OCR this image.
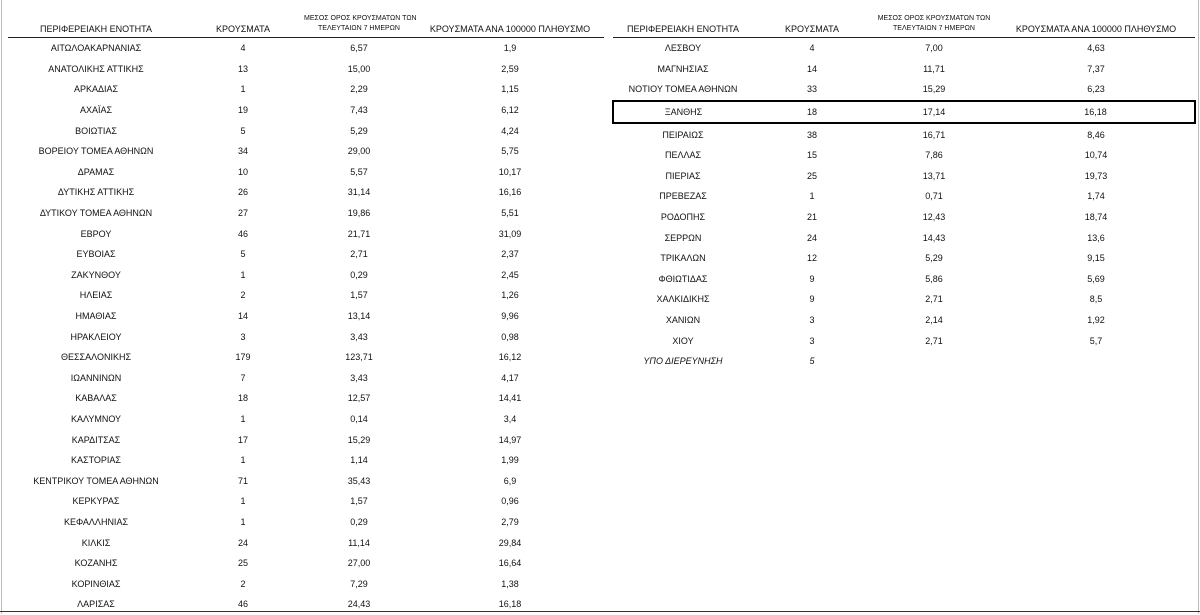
ΠΕΡΙΦΕΡΕΙΑΚΗ ΕΝΟΤΗΤΑ	ΚΡΟΥΣΜΑΤΑ	ΜΕΣΟΣ ΟΡΟΣ ΚΡΟΥΣΜΑΤΩΝ ΤΩΝ
ΤΕΛΕΥΤΑΙΩΝ 7 ΗΜΕΡΩΝ	ΚΡΟΥΣΜΑΤΑ ΑΝΑ 100000 ΠΛΗΘΥΣΜΟ
ΑΙΤΩΛΟΑΚΑΡΝΑΝΙΑΣ	4	6,57	1,9
ΑΝΑΤΟΛΙΚΗΣ ΑΤΤΙΚΗΣ	13	15,00	2,59
ΑΡΚΑΔΙΑΣ	1	2,29	1,15
ΑΧΑΪΑΣ	19	7,43	6,12
ΒΟΙΩΤΙΑΣ	5	5,29	4,24
ΒΟΡΕΙΟΥ ΤΟΜΕΑ ΑΘΗΝΩΝ	34	29,00	5,75
ΔΡΑΜΑΣ	10	5,57	10,17
ΔΥΤΙΚΗΣ ΑΤΤΙΚΗΣ	26	31,14	16,16
ΔΥΤΙΚΟΥ ΤΟΜΕΑ ΑΘΗΝΩΝ	27	19,86	5,51
ΕΒΡΟΥ	46	21,71	31,09
ΕΥΒΟΙΑΣ	5	2,71	2,37
ΖΑΚΥΝΘΟΥ	1	0,29	2,45
ΗΛΕΙΑΣ	2	1,57	1,26
ΗΜΑΘΙΑΣ	14	13,14	9,96
ΗΡΑΚΛΕΙΟΥ	3	3,43	0,98
ΘΕΣΣΑΛΟΝΙΚΗΣ	179	123,71	16,12
ΙΩΑΝΝΙΝΩΝ	7	3,43	4,17
ΚΑΒΑΛΑΣ	18	12,57	14,41
ΚΑΛΥΜΝΟΥ	1	0,14	3,4
ΚΑΡΔΙΤΣΑΣ	17	15,29	14,97
ΚΑΣΤΟΡΙΑΣ	1	1,14	1,99
ΚΕΝΤΡΙΚΟΥ ΤΟΜΕΑ ΑΘΗΝΩΝ	71	35,43	6,9
ΚΕΡΚΥΡΑΣ	1	1,57	0,96
ΚΕΦΑΛΛΗΝΙΑΣ	1	0,29	2,79
ΚΙΛΚΙΣ	24	11,14	29,84
ΚΟΖΑΝΗΣ	25	27,00	16,64
ΚΟΡΙΝΘΙΑΣ	2	7,29	1,38
ΛΑΡΙΣΑΣ	46	24,43	16,18
ΠΕΡΙΦΕΡΕΙΑΚΗ ΕΝΟΤΗΤΑ	ΚΡΟΥΣΜΑΤΑ	ΜΕΣΟΣ ΟΡΟΣ ΚΡΟΥΣΜΑΤΩΝ ΤΩΝ
ΤΕΛΕΥΤΑΙΩΝ 7 ΗΜΕΡΩΝ	ΚΡΟΥΣΜΑΤΑ ΑΝΑ 100000 ΠΛΗΘΥΣΜΟ
ΛΕΣΒΟΥ	4	7,00	4,63
ΜΑΓΝΗΣΙΑΣ	14	11,71	7,37
ΝΟΤΙΟΥ ΤΟΜΕΑ ΑΘΗΝΩΝ	33	15,29	6,23
ΞΑΝΘΗΣ	18	17,14	16,18
ΠΕΙΡΑΙΩΣ	38	16,71	8,46
ΠΕΛΛΑΣ	15	7,86	10,74
ΠΙΕΡΙΑΣ	25	13,71	19,73
ΠΡΕΒΕΖΑΣ	1	0,71	1,74
ΡΟΔΟΠΗΣ	21	12,43	18,74
ΣΕΡΡΩΝ	24	14,43	13,6
ΤΡΙΚΑΛΩΝ	12	5,29	9,15
ΦΘΙΩΤΙΔΑΣ	9	5,86	5,69
ΧΑΛΚΙΔΙΚΗΣ	9	2,71	8,5
ΧΑΝΙΩΝ	3	2,14	1,92
ΧΙΟΥ	3	2,71	5,7
ΥΠΟ ΔΙΕΡΕΥΝΗΣΗ	5		
